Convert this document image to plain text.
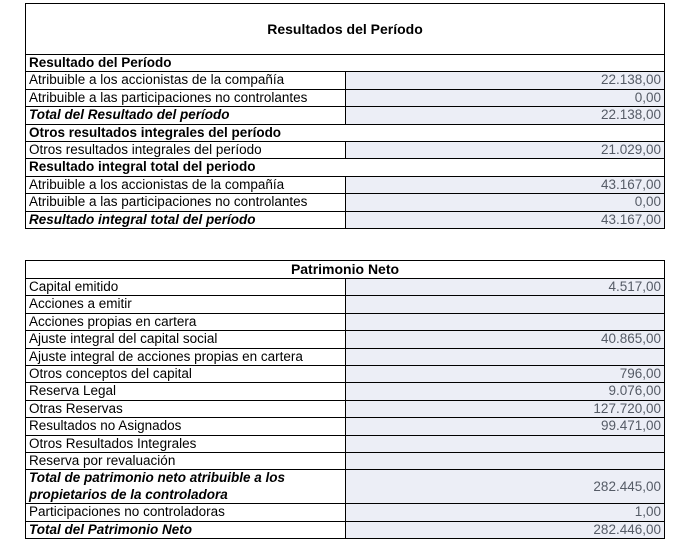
Resultados del Período	
Resultado del Período	
Atribuible a los accionistas de la compañía	22.138,00
Atribuible a las participaciones no controlantes	0,00
Total del Resultado del período	22.138,00
Otros resultados integrales del período	
Otros resultados integrales del período	21.029,00
Resultado integral total del periodo	
Atribuible a los accionistas de la compañía	43.167,00
Atribuible a las participaciones no controlantes	0,00
Resultado integral total del período	43.167,00
Patrimonio Neto	
Capital emitido	4.517,00
Acciones a emitir	
Acciones propias en cartera	
Ajuste integral del capital social	40.865,00
Ajuste integral de acciones propias en cartera	
Otros conceptos del capital	796,00
Reserva Legal	9.076,00
Otras Reservas	127.720,00
Resultados no Asignados	99.471,00
Otros Resultados Integrales	
Reserva por revaluación	
Total de patrimonio neto atribuible a los propietarios de la controladora	282.445,00
Participaciones no controladoras	1,00
Total del Patrimonio Neto	282.446,00
